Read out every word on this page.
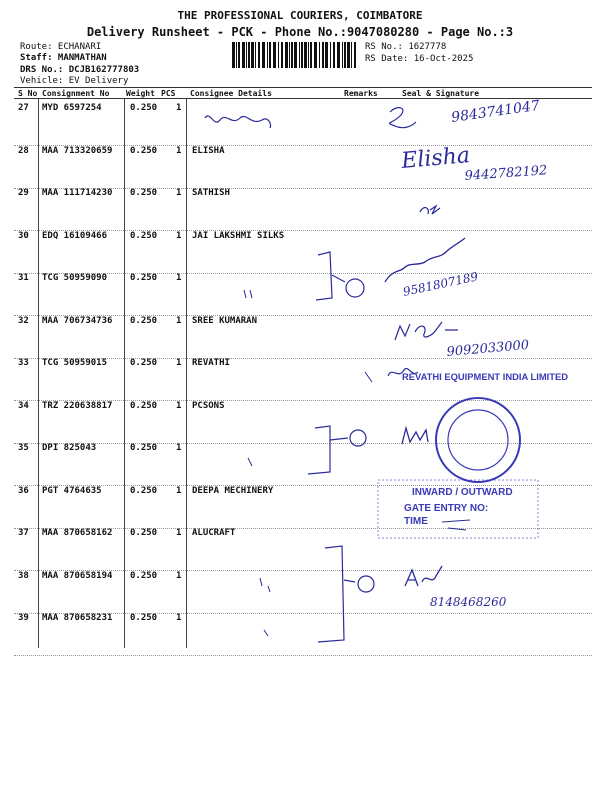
THE PROFESSIONAL COURIERS, COIMBATORE
Delivery Runsheet - PCK - Phone No.:9047080280 - Page No.:3
Route: ECHANARI
Staff: MANMATHAN
DRS No.: DCJB162777803
Vehicle: EV Delivery
RS No.: 1627778
RS Date: 16-Oct-2025
S No Consignment No Weight PCS Consignee Details	Remarks	Seal & Signature
27 MYD 6597254	0.250 1
28 MAA 713320659 0.250 1 ELISHA
29 MAA 111714230 0.250 1 SATHISH
30 EDQ 16109466	0.250 1 JAI LAKSHMI SILKS
31 TCG 50959090	0.250 1
32 MAA 706734736 0.250 1 SREE KUMARAN
33 TCG 50959015	0.250 1 REVATHI
34 TRZ 220638817 0.250 1 PCSONS
35 DPI 825043	0.250 1
36 PGT 4764635	0.250 1 DEEPA MECHINERY
37 MAA 870658162 0.250 1 ALUCRAFT
38 MAA 870658194 0.250 1
39 MAA 870658231 0.250 1
9843741047
Elisha
9442782192
9581807189
9092033000
REVATHI EQUIPMENT INDIA LIMITED
INWARD / OUTWARD
GATE ENTRY NO:
TIME
8148468260
